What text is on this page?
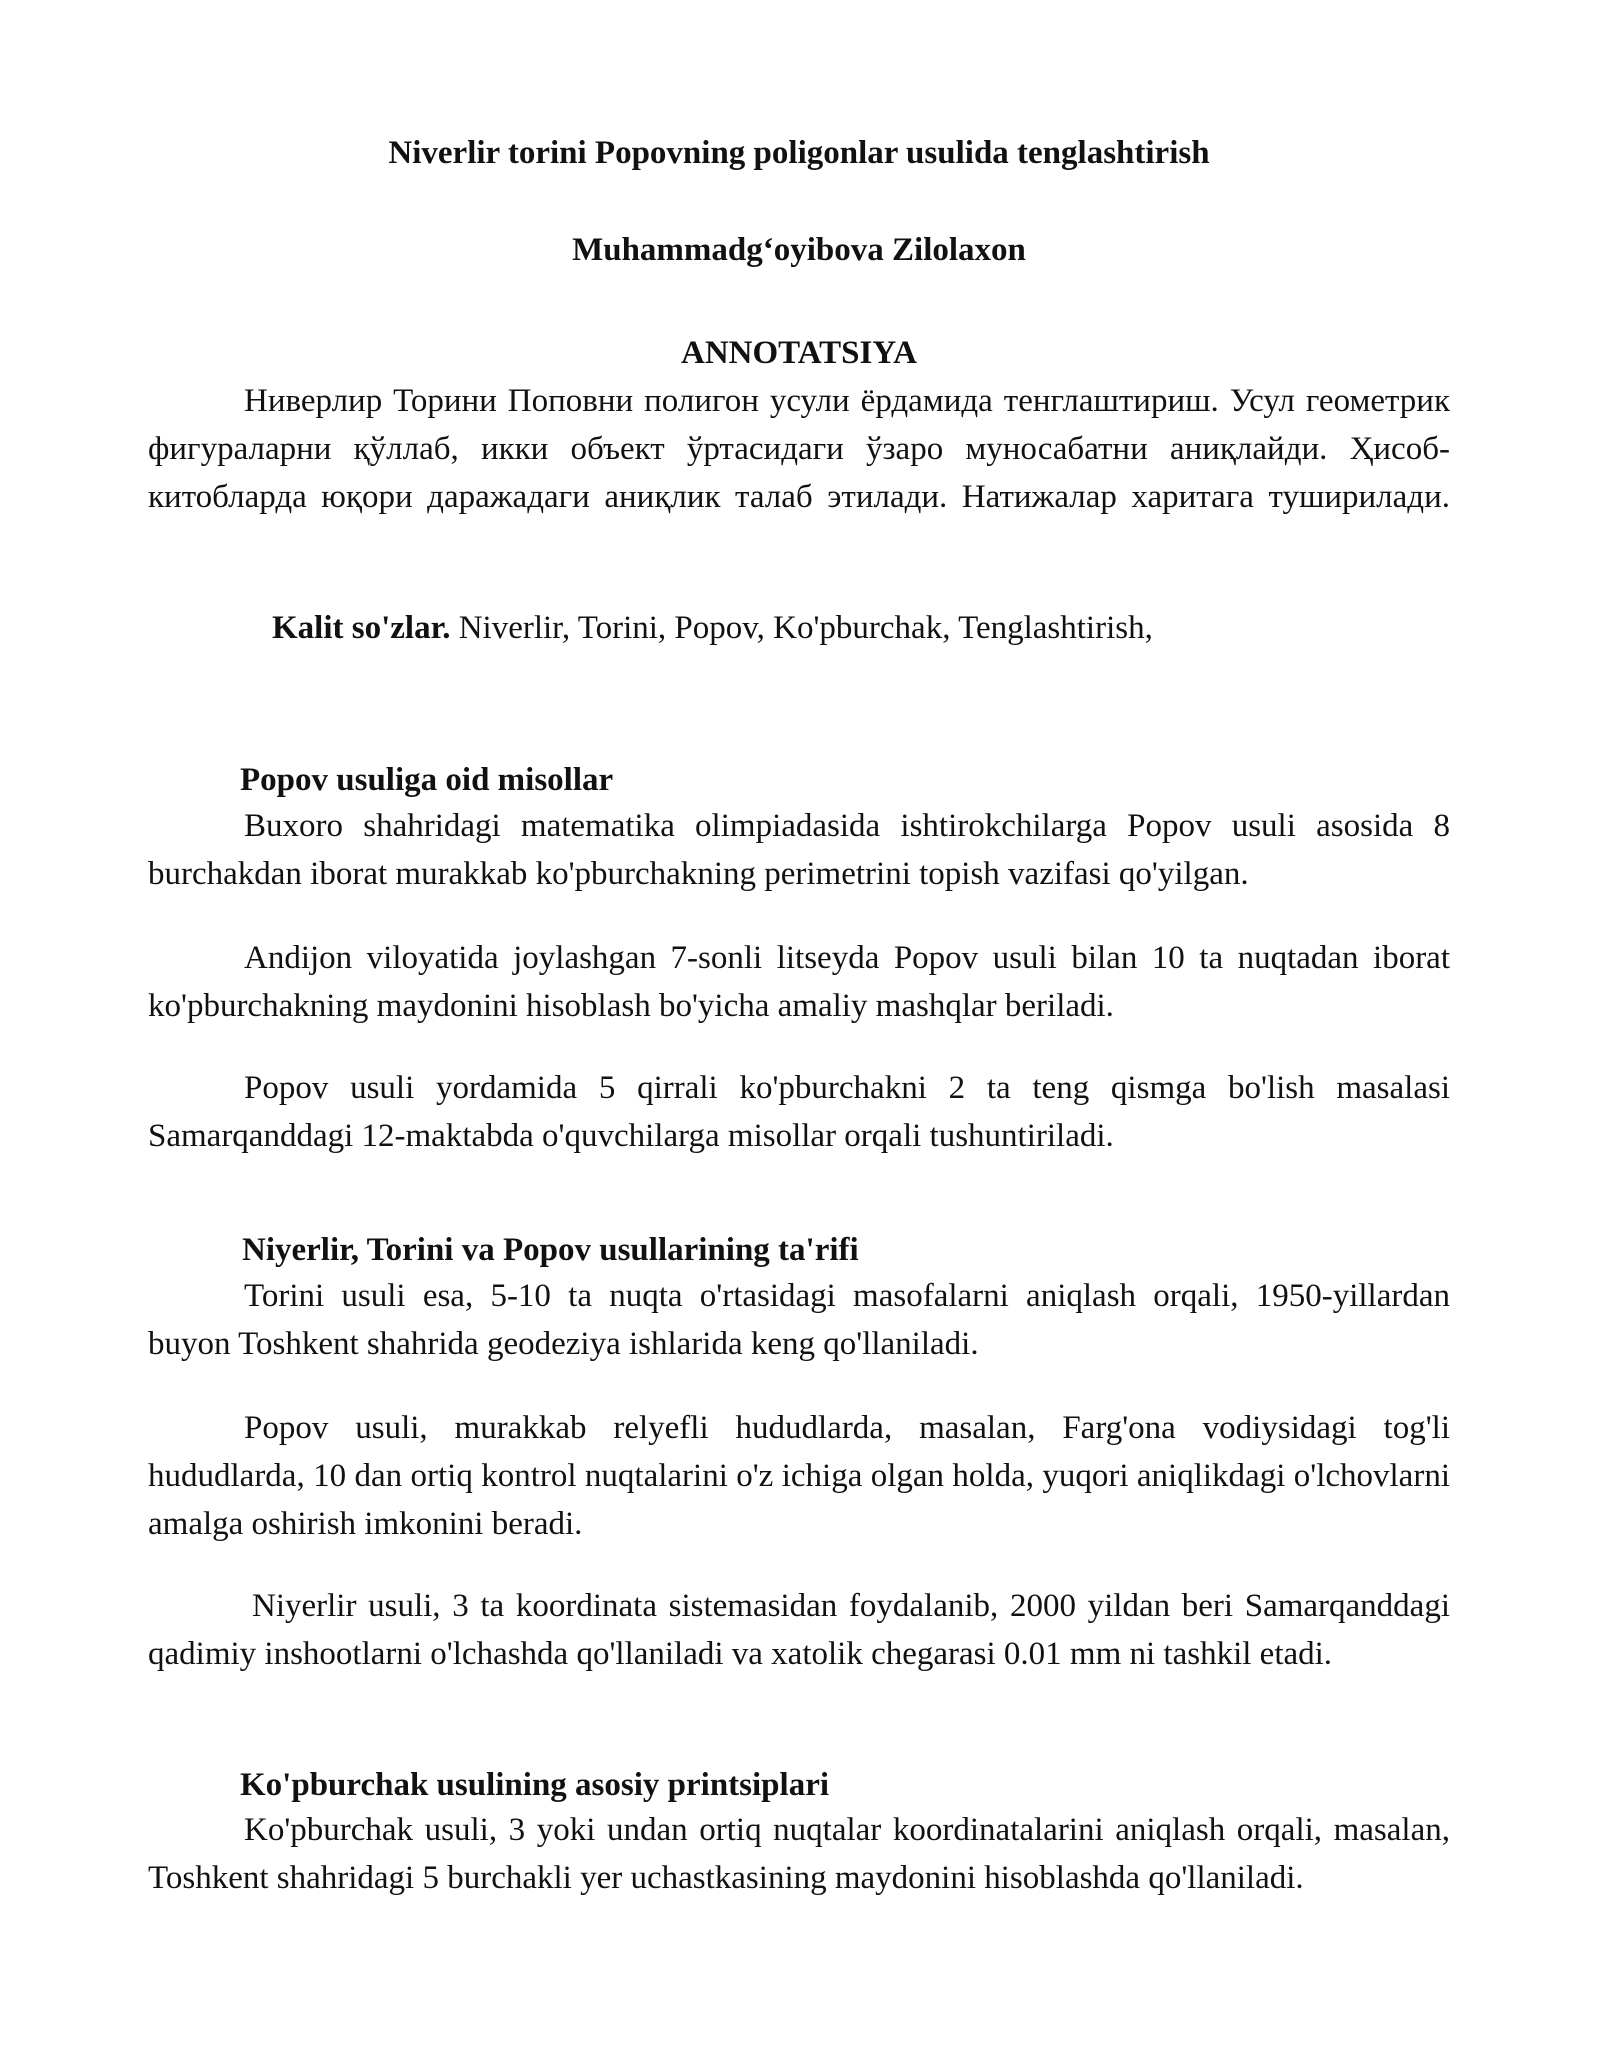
Niverlir torini Popovning poligonlar usulida tenglashtirish
Muhammadg‘oyibova Zilolaxon
ANNOTATSIYA

Ниверлир Торини Поповни полигон усули ёрдамида тенглаштириш. Усул геометрик фигураларни қўллаб, икки объект ўртасидаги ўзаро муносабатни аниқлайди. Ҳисоб-китобларда юқори даражадаги аниқлик талаб этилади. Натижалар харитага туширилади.

Kalit so'zlar. Niverlir, Torini, Popov, Ko'pburchak, Tenglashtirish,
Popov usuliga oid misollar

Buxoro shahridagi matematika olimpiadasida ishtirokchilarga Popov usuli asosida 8 burchakdan iborat murakkab ko'pburchakning perimetrini topish vazifasi qo'yilgan.

Andijon viloyatida joylashgan 7-sonli litseyda Popov usuli bilan 10 ta nuqtadan iborat ko'pburchakning maydonini hisoblash bo'yicha amaliy mashqlar beriladi.

Popov usuli yordamida 5 qirrali ko'pburchakni 2 ta teng qismga bo'lish masalasi Samarqanddagi 12-maktabda o'quvchilarga misollar orqali tushuntiriladi.

Niyerlir, Torini va Popov usullarining ta'rifi

Torini usuli esa, 5-10 ta nuqta o'rtasidagi masofalarni aniqlash orqali, 1950-yillardan buyon Toshkent shahrida geodeziya ishlarida keng qo'llaniladi.

Popov usuli, murakkab relyefli hududlarda, masalan, Farg'ona vodiysidagi tog'li hududlarda, 10 dan ortiq kontrol nuqtalarini o'z ichiga olgan holda, yuqori aniqlikdagi o'lchovlarni amalga oshirish imkonini beradi.

Niyerlir usuli, 3 ta koordinata sistemasidan foydalanib, 2000 yildan beri Samarqanddagi qadimiy inshootlarni o'lchashda qo'llaniladi va xatolik chegarasi 0.01 mm ni tashkil etadi.

Ko'pburchak usulining asosiy printsiplari

Ko'pburchak usuli, 3 yoki undan ortiq nuqtalar koordinatalarini aniqlash orqali, masalan, Toshkent shahridagi 5 burchakli yer uchastkasining maydonini hisoblashda qo'llaniladi.
